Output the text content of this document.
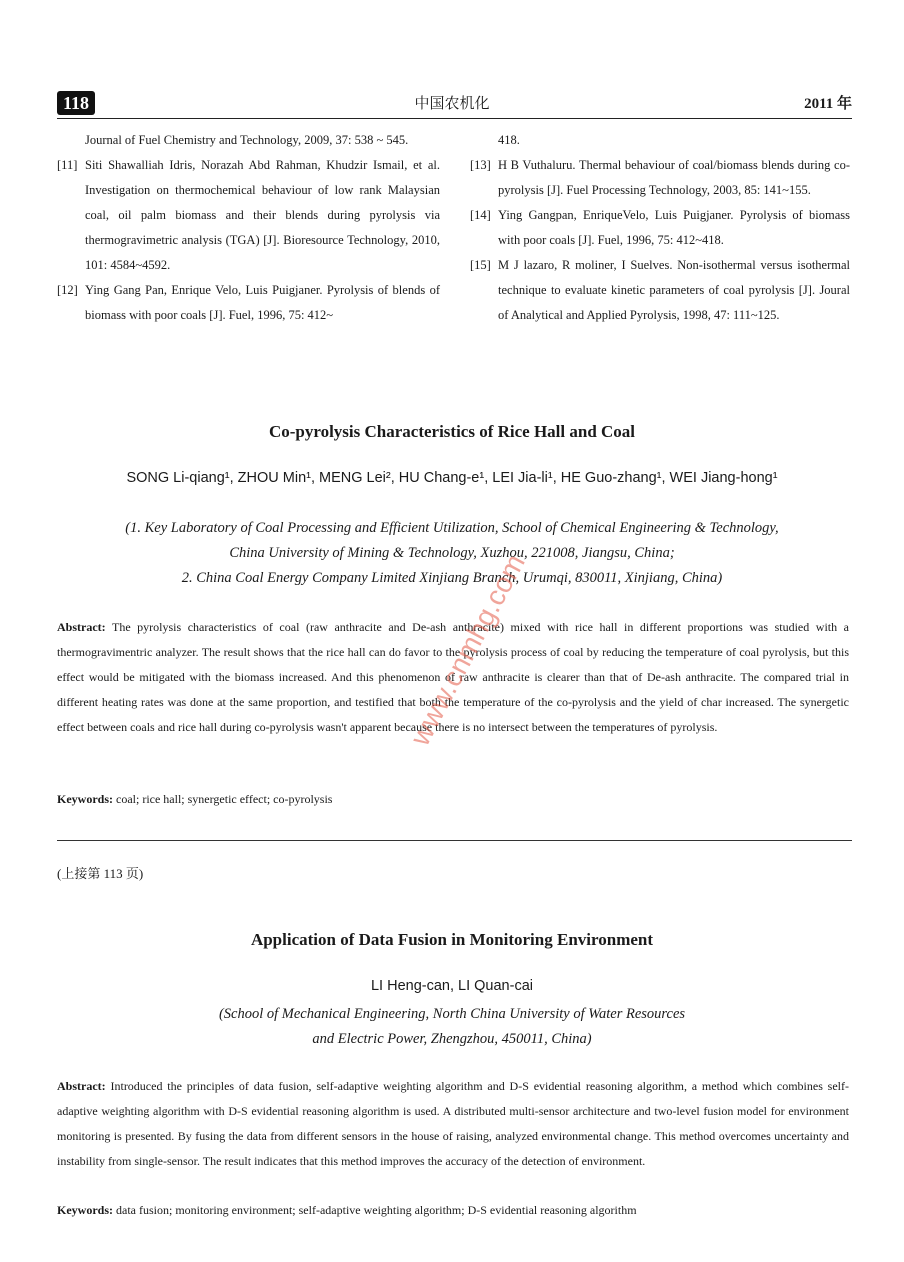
118	中国农机化	2011 年
Journal of Fuel Chemistry and Technology, 2009, 37: 538 ~ 545.
[11] Siti Shawalliah Idris, Norazah Abd Rahman, Khudzir Ismail, et al. Investigation on thermochemical behaviour of low rank Malaysian coal, oil palm biomass and their blends during pyrolysis via thermogravimetric analysis (TGA) [J]. Bioresource Technology, 2010, 101: 4584~4592.
[12] Ying Gang Pan, Enrique Velo, Luis Puigjaner. Pyrolysis of blends of biomass with poor coals [J]. Fuel, 1996, 75: 412~
418.
[13] H B Vuthaluru. Thermal behaviour of coal/biomass blends during co-pyrolysis [J]. Fuel Processing Technology, 2003, 85: 141~155.
[14] Ying Gangpan, EnriqueVelo, Luis Puigjaner. Pyrolysis of biomass with poor coals [J]. Fuel, 1996, 75: 412~418.
[15] M J lazaro, R moliner, I Suelves. Non-isothermal versus isothermal technique to evaluate kinetic parameters of coal pyrolysis [J]. Joural of Analytical and Applied Pyrolysis, 1998, 47: 111~125.
Co-pyrolysis Characteristics of Rice Hall and Coal
SONG Li-qiang¹, ZHOU Min¹, MENG Lei², HU Chang-e¹, LEI Jia-li¹, HE Guo-zhang¹, WEI Jiang-hong¹
(1. Key Laboratory of Coal Processing and Efficient Utilization, School of Chemical Engineering & Technology,
China University of Mining & Technology, Xuzhou, 221008, Jiangsu, China;
2. China Coal Energy Company Limited Xinjiang Branch, Urumqi, 830011, Xinjiang, China)
Abstract: The pyrolysis characteristics of coal (raw anthracite and De-ash anthracite) mixed with rice hall in different proportions was studied with a thermogravimentric analyzer. The result shows that the rice hall can do favor to the pyrolysis process of coal by reducing the temperature of coal pyrolysis, but this effect would be mitigated with the biomass increased. And this phenomenon of raw anthracite is clearer than that of De-ash anthracite. The compared trial in different heating rates was done at the same proportion, and testified that both the temperature of the co-pyrolysis and the yield of char increased. The synergetic effect between coals and rice hall during co-pyrolysis wasn't apparent because there is no intersect between the temperatures of pyrolysis.
Keywords: coal; rice hall; synergetic effect; co-pyrolysis
(上接第 113 页)
Application of Data Fusion in Monitoring Environment
LI Heng-can, LI Quan-cai
(School of Mechanical Engineering, North China University of Water Resources
and Electric Power, Zhengzhou, 450011, China)
Abstract: Introduced the principles of data fusion, self-adaptive weighting algorithm and D-S evidential reasoning algorithm, a method which combines self-adaptive weighting algorithm with D-S evidential reasoning algorithm is used. A distributed multi-sensor architecture and two-level fusion model for environment monitoring is presented. By fusing the data from different sensors in the house of raising, analyzed environmental change. This method overcomes uncertainty and instability from single-sensor. The result indicates that this method improves the accuracy of the detection of environment.
Keywords: data fusion; monitoring environment; self-adaptive weighting algorithm; D-S evidential reasoning algorithm
www.cnmhg.com
